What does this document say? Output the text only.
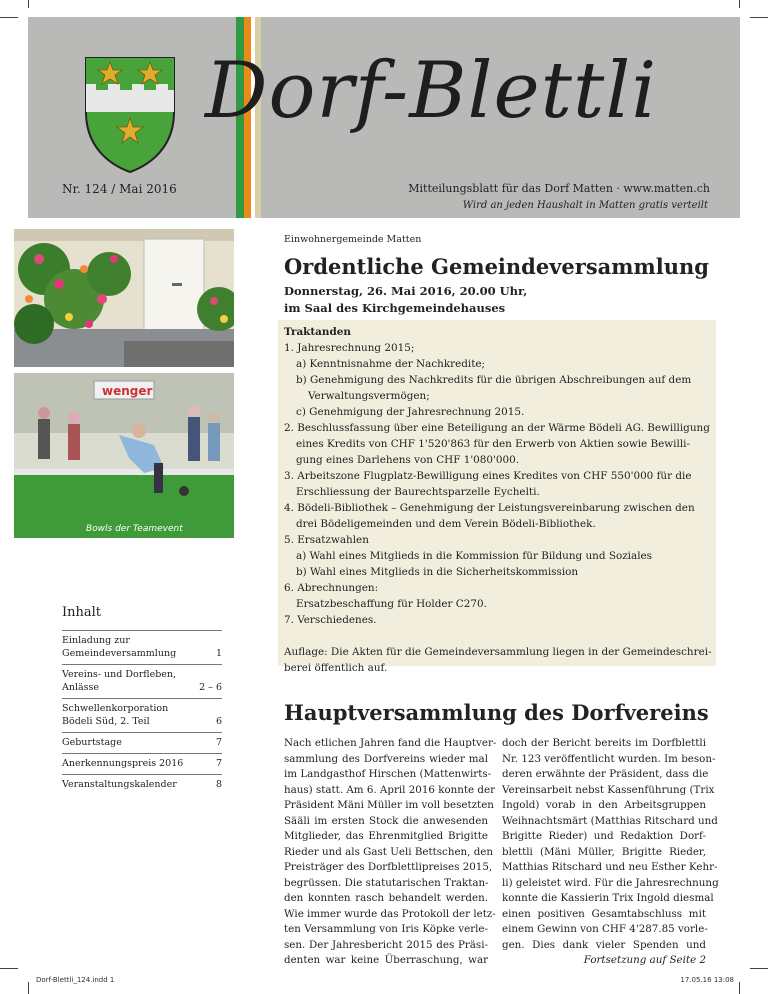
Dorf-Blettli
Nr. 124 / Mai 2016	Mitteilungsblatt für das Dorf Matten · www.matten.ch
Wird an jeden Haushalt in Matten gratis verteilt
wenger
Bowls der Teamevent
Inhalt
Einladung zur Gemeindeversammlung	1
Vereins- und Dorfleben, Anlässe	2 – 6
Schwellenkorporation Bödeli Süd, 2. Teil	6
Geburtstage	7
Anerkennungspreis 2016	7
Veranstaltungskalender	8
Einwohnergemeinde Matten
Ordentliche Gemeindeversammlung
Donnerstag, 26. Mai 2016, 20.00 Uhr,
im Saal des Kirchgemeindehauses
Traktanden
1. Jahresrechnung 2015;
a) Kenntnisnahme der Nachkredite;
b) Genehmigung des Nachkredits für die übrigen Abschreibungen auf dem
Verwaltungsvermögen;
c) Genehmigung der Jahresrechnung 2015.
2. Beschlussfassung über eine Beteiligung an der Wärme Bödeli AG. Bewilligung
eines Kredits von CHF 1'520'863 für den Erwerb von Aktien sowie Bewilli-
gung eines Darlehens von CHF 1'080'000.
3. Arbeitszone Flugplatz-Bewilligung eines Kredites von CHF 550'000 für die
Erschliessung der Baurechtsparzelle Eychelti.
4. Bödeli-Bibliothek – Genehmigung der Leistungsvereinbarung zwischen den
drei Bödeligemeinden und dem Verein Bödeli-Bibliothek.
5. Ersatzwahlen
a) Wahl eines Mitglieds in die Kommission für Bildung und Soziales
b) Wahl eines Mitglieds in die Sicherheitskommission
6. Abrechnungen:
Ersatzbeschaffung für Holder C270.
7. Verschiedenes.
Auflage: Die Akten für die Gemeindeversammlung liegen in der Gemeindeschrei-
berei öffentlich auf.
Hauptversammlung des Dorfvereins
Nach etlichen Jahren fand die Hauptver-
sammlung des Dorfvereins wieder mal
im Landgasthof Hirschen (Mattenwirts-
haus) statt. Am 6. April 2016 konnte der
Präsident Mäni Müller im voll besetzten
Sääli im ersten Stock die anwesenden
Mitglieder, das Ehrenmitglied Brigitte
Rieder und als Gast Ueli Bettschen, den
Preisträger des Dorfblettlipreises 2015,
begrüssen. Die statutarischen Traktan-
den konnten rasch behandelt werden.
Wie immer wurde das Protokoll der letz-
ten Versammlung von Iris Köpke verle-
sen. Der Jahresbericht 2015 des Präsi-
denten war keine Überraschung, war
doch der Bericht bereits im Dorfblettli
Nr. 123 veröffentlicht wurden. Im beson-
deren erwähnte der Präsident, dass die
Vereinsarbeit nebst Kassenführung (Trix
Ingold) vorab in den Arbeitsgruppen
Weihnachtsmärt (Matthias Ritschard und
Brigitte Rieder) und Redaktion Dorf-
blettli (Mäni Müller, Brigitte Rieder,
Matthias Ritschard und neu Esther Kehr-
li) geleistet wird. Für die Jahresrechnung
konnte die Kassierin Trix Ingold diesmal
einen positiven Gesamtabschluss mit
einem Gewinn von CHF 4'287.85 vorle-
gen. Dies dank vieler Spenden und
Fortsetzung auf Seite 2
Dorf-Blettli_124.indd 1	17.05.16 13:08
